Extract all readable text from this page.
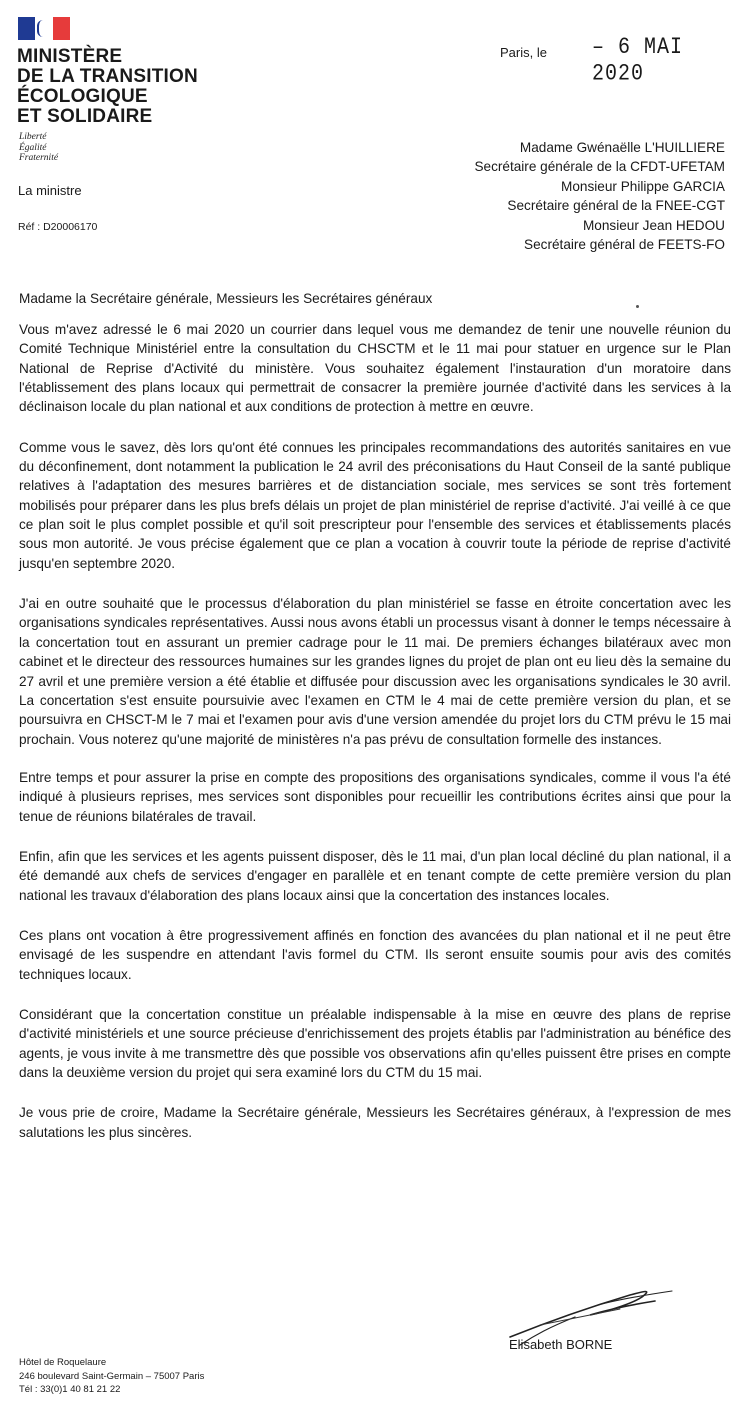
MINISTÈRE
DE LA TRANSITION
ÉCOLOGIQUE
ET SOLIDAIRE
Liberté
Égalité
Fraternité
La ministre
Réf : D20006170
Paris, le – 6 MAI 2020
Madame Gwénaëlle L'HUILLIERE
Secrétaire générale de la CFDT-UFETAM
Monsieur Philippe GARCIA
Secrétaire général de la FNEE-CGT
Monsieur Jean HEDOU
Secrétaire général de FEETS-FO
Madame la Secrétaire générale, Messieurs les Secrétaires généraux

Vous m'avez adressé le 6 mai 2020 un courrier dans lequel vous me demandez de tenir une nouvelle réunion du Comité Technique Ministériel entre la consultation du CHSCTM et le 11 mai pour statuer en urgence sur le Plan National de Reprise d'Activité du ministère. Vous souhaitez également l'instauration d'un moratoire dans l'établissement des plans locaux qui permettrait de consacrer la première journée d'activité dans les services à la déclinaison locale du plan national et aux conditions de protection à mettre en œuvre.

Comme vous le savez, dès lors qu'ont été connues les principales recommandations des autorités sanitaires en vue du déconfinement, dont notamment la publication le 24 avril des préconisations du Haut Conseil de la santé publique relatives à l'adaptation des mesures barrières et de distanciation sociale, mes services se sont très fortement mobilisés pour préparer dans les plus brefs délais un projet de plan ministériel de reprise d'activité. J'ai veillé à ce que ce plan soit le plus complet possible et qu'il soit prescripteur pour l'ensemble des services et établissements placés sous mon autorité. Je vous précise également que ce plan a vocation à couvrir toute la période de reprise d'activité jusqu'en septembre 2020.

J'ai en outre souhaité que le processus d'élaboration du plan ministériel se fasse en étroite concertation avec les organisations syndicales représentatives. Aussi nous avons établi un processus visant à donner le temps nécessaire à la concertation tout en assurant un premier cadrage pour le 11 mai. De premiers échanges bilatéraux avec mon cabinet et le directeur des ressources humaines sur les grandes lignes du projet de plan ont eu lieu dès la semaine du 27 avril et une première version a été établie et diffusée pour discussion avec les organisations syndicales le 30 avril. La concertation s'est ensuite poursuivie avec l'examen en CTM le 4 mai de cette première version du plan, et se poursuivra en CHSCT-M le 7 mai et l'examen pour avis d'une version amendée du projet lors du CTM prévu le 15 mai prochain. Vous noterez qu'une majorité de ministères n'a pas prévu de consultation formelle des instances.

Entre temps et pour assurer la prise en compte des propositions des organisations syndicales, comme il vous l'a été indiqué à plusieurs reprises, mes services sont disponibles pour recueillir les contributions écrites ainsi que pour la tenue de réunions bilatérales de travail.

Enfin, afin que les services et les agents puissent disposer, dès le 11 mai, d'un plan local décliné du plan national, il a été demandé aux chefs de services d'engager en parallèle et en tenant compte de cette première version du plan national les travaux d'élaboration des plans locaux ainsi que la concertation des instances locales.

Ces plans ont vocation à être progressivement affinés en fonction des avancées du plan national et il ne peut être envisagé de les suspendre en attendant l'avis formel du CTM. Ils seront ensuite soumis pour avis des comités techniques locaux.

Considérant que la concertation constitue un préalable indispensable à la mise en œuvre des plans de reprise d'activité ministériels et une source précieuse d'enrichissement des projets établis par l'administration au bénéfice des agents, je vous invite à me transmettre dès que possible vos observations afin qu'elles puissent être prises en compte dans la deuxième version du projet qui sera examiné lors du CTM du 15 mai.

Je vous prie de croire, Madame la Secrétaire générale, Messieurs les Secrétaires généraux, à l'expression de mes salutations les plus sincères.

Elisabeth BORNE
Hôtel de Roquelaure
246 boulevard Saint-Germain – 75007 Paris
Tél : 33(0)1 40 81 21 22
